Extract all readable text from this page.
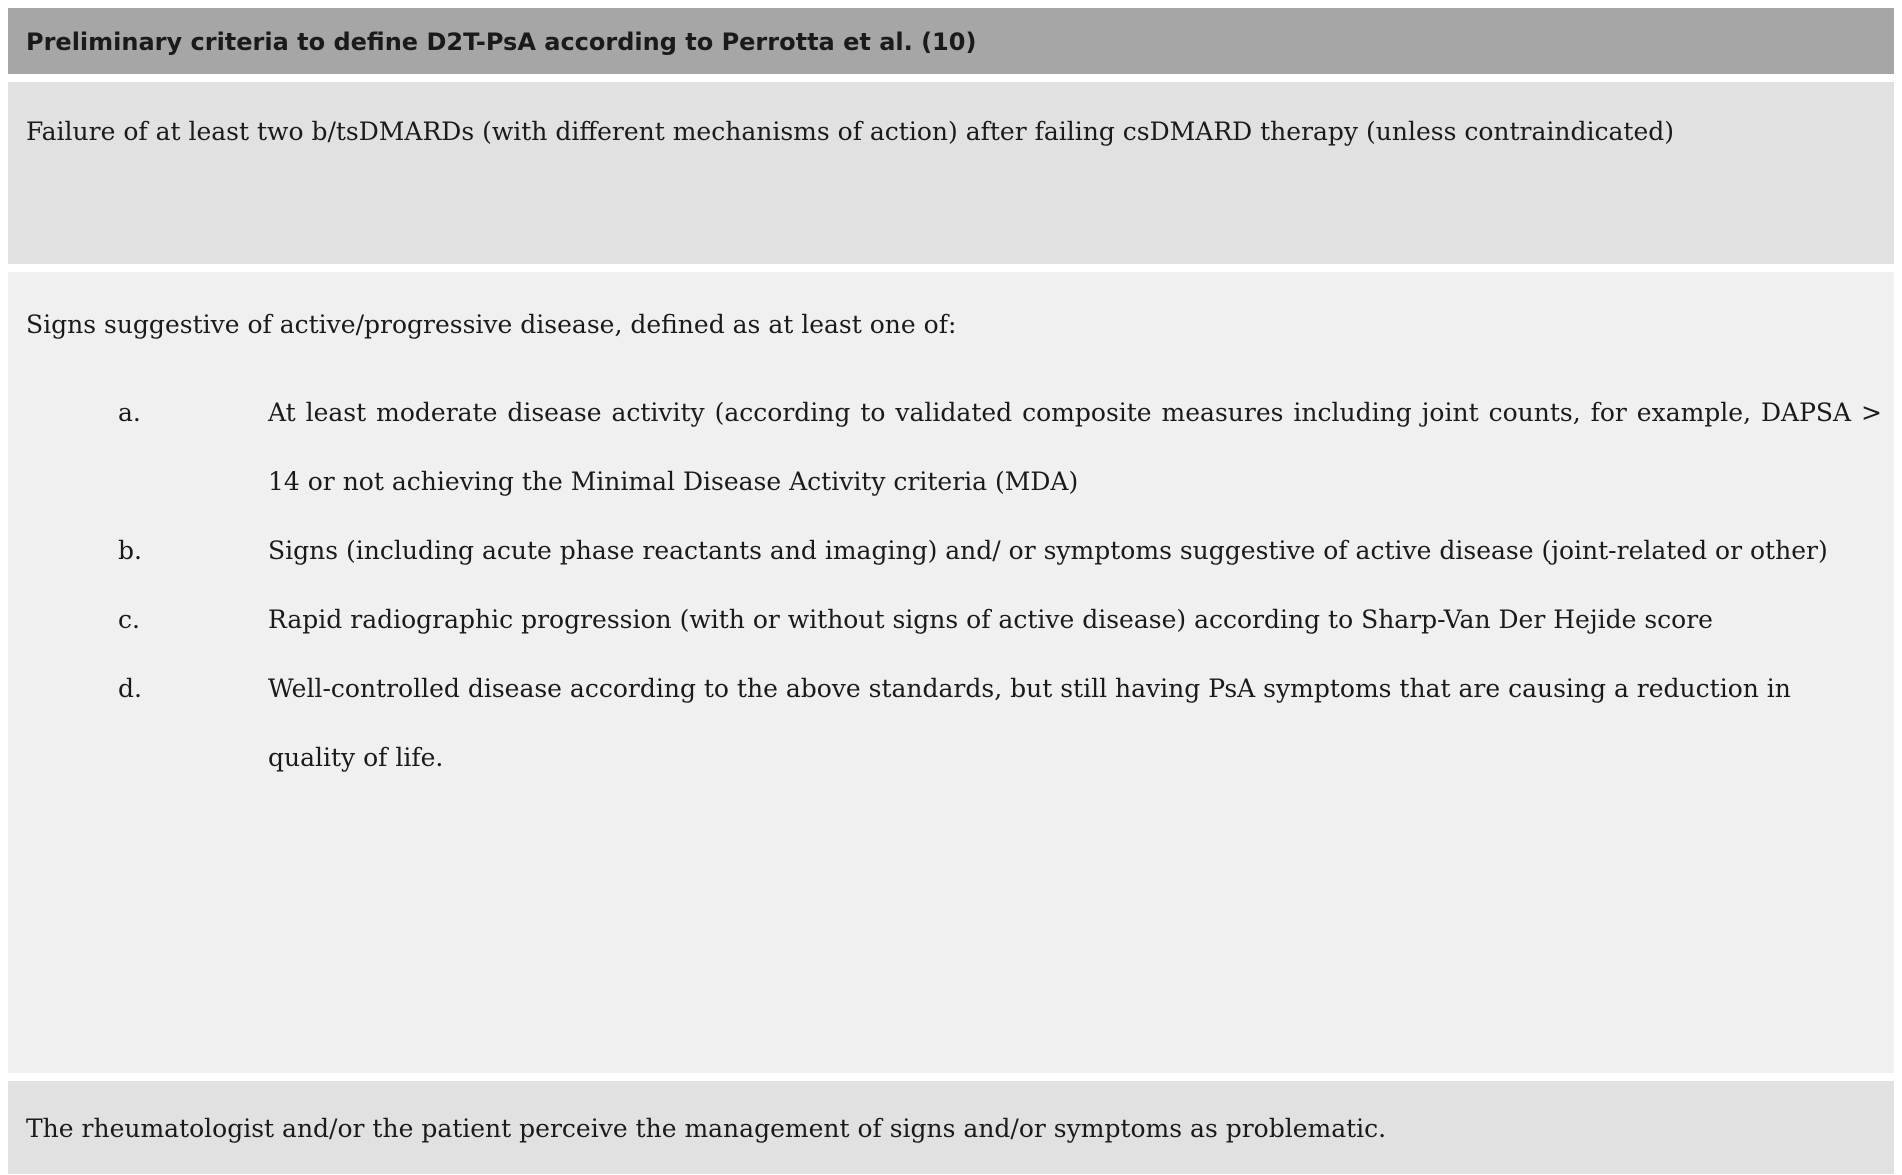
Preliminary criteria to define D2T-PsA according to Perrotta et al. (10)
Failure of at least two b/tsDMARDs (with different mechanisms of action) after failing csDMARD therapy (unless contraindicated)
Signs suggestive of active/progressive disease, defined as at least one of:
a.	At least moderate disease activity (according to validated composite measures including joint counts, for example, DAPSA > 14 or not achieving the Minimal Disease Activity criteria (MDA)
b.	Signs (including acute phase reactants and imaging) and/ or symptoms suggestive of active disease (joint-related or other)
c.	Rapid radiographic progression (with or without signs of active disease) according to Sharp-Van Der Hejide score
d.	Well-controlled disease according to the above standards, but still having PsA symptoms that are causing a reduction in quality of life.
The rheumatologist and/or the patient perceive the management of signs and/or symptoms as problematic.
